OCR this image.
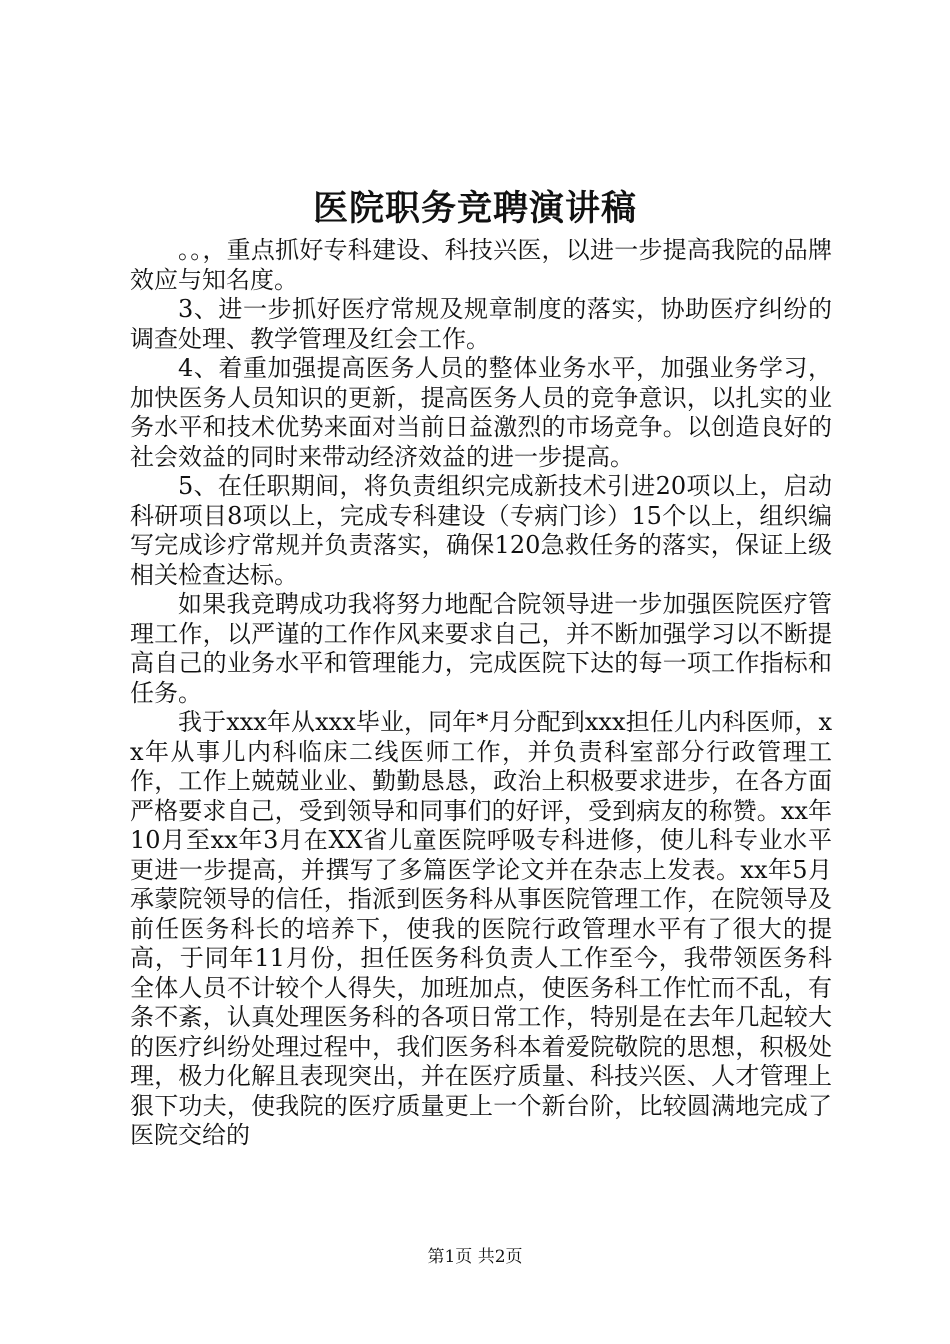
医院职务竞聘演讲稿

。。，重点抓好专科建设、科技兴医，以进一步提高我院的品牌效应与知名度。

3、进一步抓好医疗常规及规章制度的落实，协助医疗纠纷的调查处理、教学管理及红会工作。

4、着重加强提高医务人员的整体业务水平，加强业务学习，加快医务人员知识的更新，提高医务人员的竞争意识，以扎实的业务水平和技术优势来面对当前日益激烈的市场竞争。以创造良好的社会效益的同时来带动经济效益的进一步提高。

5、在任职期间，将负责组织完成新技术引进20项以上，启动科研项目8项以上，完成专科建设（专病门诊）15个以上，组织编写完成诊疗常规并负责落实，确保120急救任务的落实，保证上级相关检查达标。

如果我竞聘成功我将努力地配合院领导进一步加强医院医疗管理工作，以严谨的工作作风来要求自己，并不断加强学习以不断提高自己的业务水平和管理能力，完成医院下达的每一项工作指标和任务。

我于xxx年从xxx毕业，同年*月分配到xxx担任儿内科医师，xx年从事儿内科临床二线医师工作，并负责科室部分行政管理工作，工作上兢兢业业、勤勤恳恳，政治上积极要求进步，在各方面严格要求自己，受到领导和同事们的好评，受到病友的称赞。xx年10月至xx年3月在XX省儿童医院呼吸专科进修，使儿科专业水平更进一步提高，并撰写了多篇医学论文并在杂志上发表。xx年5月承蒙院领导的信任，指派到医务科从事医院管理工作，在院领导及前任医务科长的培养下，使我的医院行政管理水平有了很大的提高，于同年11月份，担任医务科负责人工作至今，我带领医务科全体人员不计较个人得失，加班加点，使医务科工作忙而不乱，有条不紊，认真处理医务科的各项日常工作，特别是在去年几起较大的医疗纠纷处理过程中，我们医务科本着爱院敬院的思想，积极处理，极力化解且表现突出，并在医疗质量、科技兴医、人才管理上狠下功夫，使我院的医疗质量更上一个新台阶，比较圆满地完成了医院交给的

第1页 共2页
